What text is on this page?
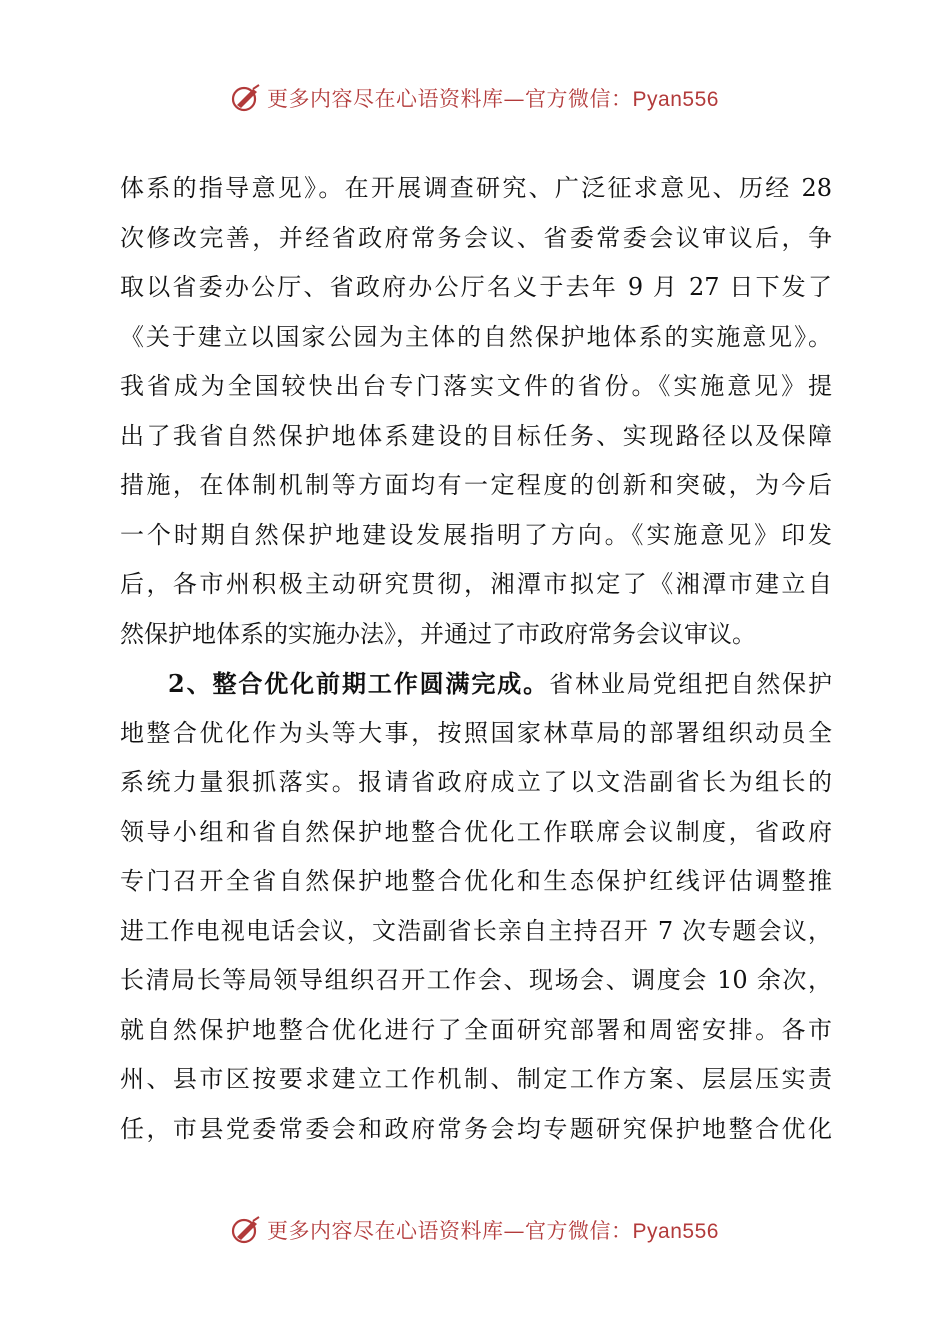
更多内容尽在心语资料库—官方微信：Pyan556
体系的指导意见》。在开展调查研究、广泛征求意见、历经 28
次修改完善，并经省政府常务会议、省委常委会议审议后，争
取以省委办公厅、省政府办公厅名义于去年 9 月 27 日下发了
《关于建立以国家公园为主体的自然保护地体系的实施意见》。
我省成为全国较快出台专门落实文件的省份。《实施意见》提
出了我省自然保护地体系建设的目标任务、实现路径以及保障
措施，在体制机制等方面均有一定程度的创新和突破，为今后
一个时期自然保护地建设发展指明了方向。《实施意见》印发
后，各市州积极主动研究贯彻，湘潭市拟定了《湘潭市建立自
然保护地体系的实施办法》，并通过了市政府常务会议审议。
2、整合优化前期工作圆满完成。省林业局党组把自然保护
地整合优化作为头等大事，按照国家林草局的部署组织动员全
系统力量狠抓落实。报请省政府成立了以文浩副省长为组长的
领导小组和省自然保护地整合优化工作联席会议制度，省政府
专门召开全省自然保护地整合优化和生态保护红线评估调整推
进工作电视电话会议，文浩副省长亲自主持召开 7 次专题会议，
长清局长等局领导组织召开工作会、现场会、调度会 10 余次，
就自然保护地整合优化进行了全面研究部署和周密安排。各市
州、县市区按要求建立工作机制、制定工作方案、层层压实责
任，市县党委常委会和政府常务会均专题研究保护地整合优化
更多内容尽在心语资料库—官方微信：Pyan556
